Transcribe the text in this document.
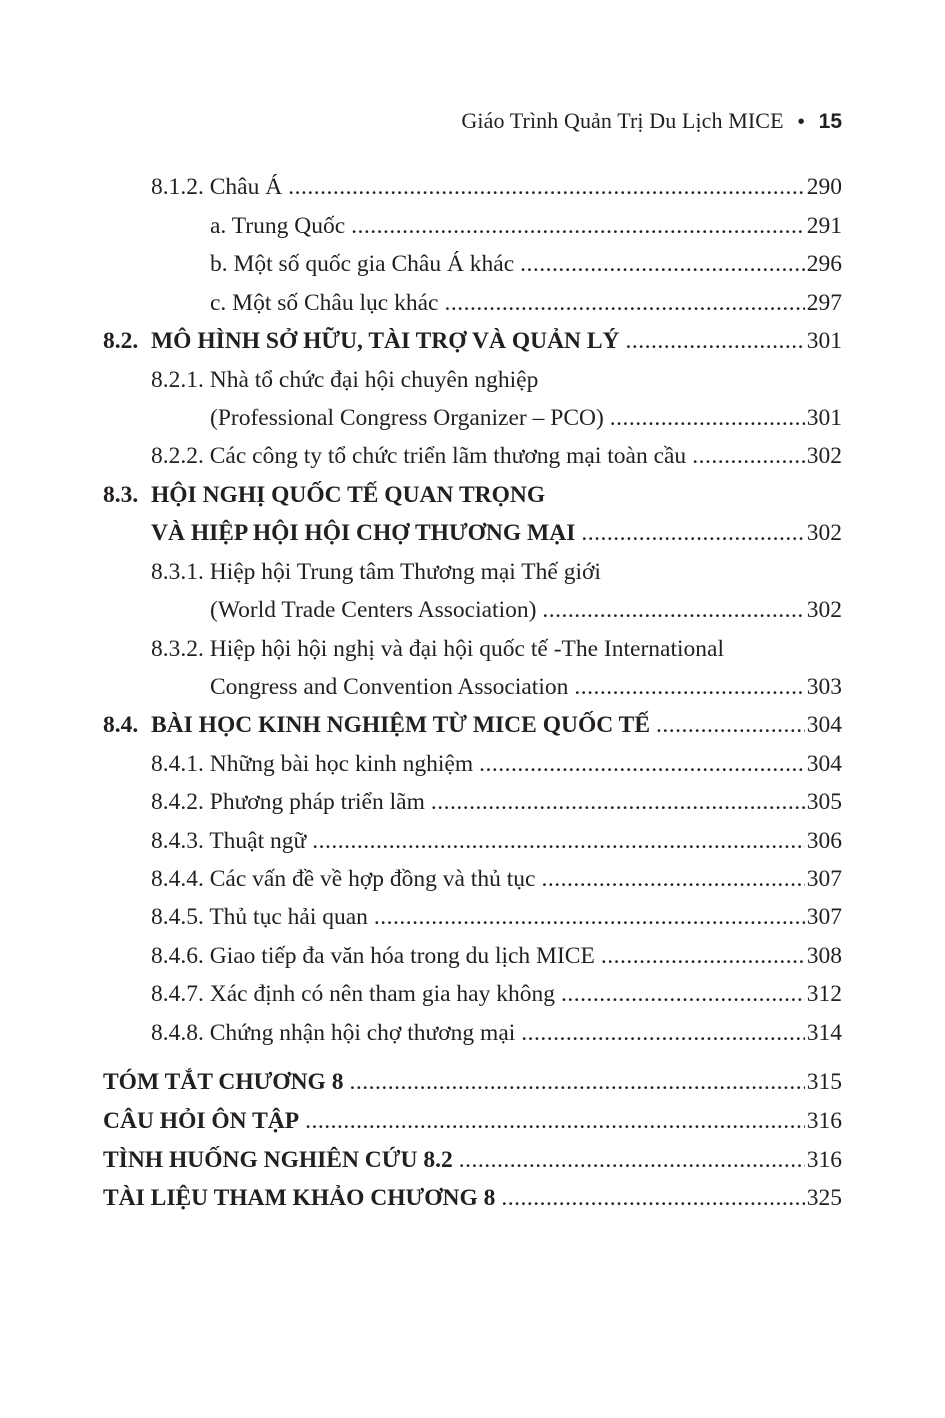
Giáo Trình Quản Trị Du Lịch MICE • 15
8.1.2. Châu Á .....	290
a. Trung Quốc .....	291
b. Một số quốc gia Châu Á khác .....	296
c. Một số Châu lục khác .....	297
8.2. MÔ HÌNH SỞ HỮU, TÀI TRỢ VÀ QUẢN LÝ .....	301
8.2.1. Nhà tổ chức đại hội chuyên nghiệp
(Professional Congress Organizer – PCO) .....	301
8.2.2. Các công ty tổ chức triển lãm thương mại toàn cầu .....	302
8.3. HỘI NGHỊ QUỐC TẾ QUAN TRỌNG
VÀ HIỆP HỘI HỘI CHỢ THƯƠNG MẠI .....	302
8.3.1. Hiệp hội Trung tâm Thương mại Thế giới
(World Trade Centers Association) .....	302
8.3.2. Hiệp hội hội nghị và đại hội quốc tế -The International
Congress and Convention Association .....	303
8.4. BÀI HỌC KINH NGHIỆM TỪ MICE QUỐC TẾ .....	304
8.4.1. Những bài học kinh nghiệm .....	304
8.4.2. Phương pháp triển lãm .....	305
8.4.3. Thuật ngữ .....	306
8.4.4. Các vấn đề về hợp đồng và thủ tục .....	307
8.4.5. Thủ tục hải quan .....	307
8.4.6. Giao tiếp đa văn hóa trong du lịch MICE .....	308
8.4.7. Xác định có nên tham gia hay không .....	312
8.4.8. Chứng nhận hội chợ thương mại .....	314
TÓM TẮT CHƯƠNG 8 .....	315
CÂU HỎI ÔN TẬP .....	316
TÌNH HUỐNG NGHIÊN CỨU 8.2 .....	316
TÀI LIỆU THAM KHẢO CHƯƠNG 8 .....	325
